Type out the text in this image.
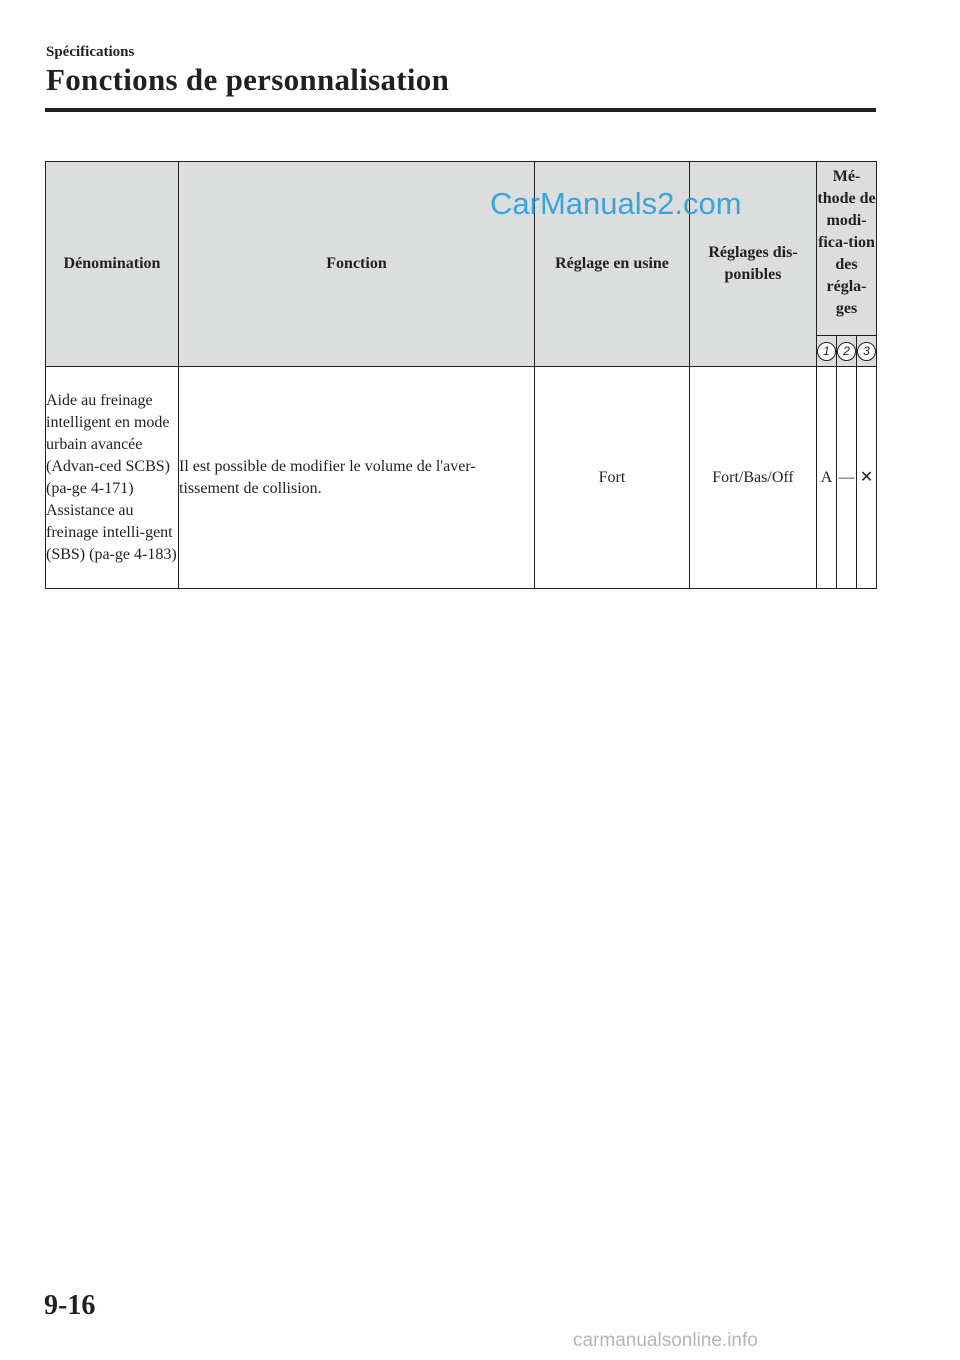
Spécifications
Fonctions de personnalisation
Dénomination	Fonction	Réglage en usine	Réglages dis-ponibles	Mé-thode de modi-fica-tion des régla-ges		
				1	2	3
Aide au freinage intelligent en mode urbain avancée (Advan-ced SCBS) (pa-ge 4-171) Assistance au freinage intelli-gent (SBS) (pa-ge 4-183)	Il est possible de modifier le volume de l'aver-tissement de collision.	Fort	Fort/Bas/Off	A	—	✕
CarManuals2.com
9-16
carmanualsonline.info
